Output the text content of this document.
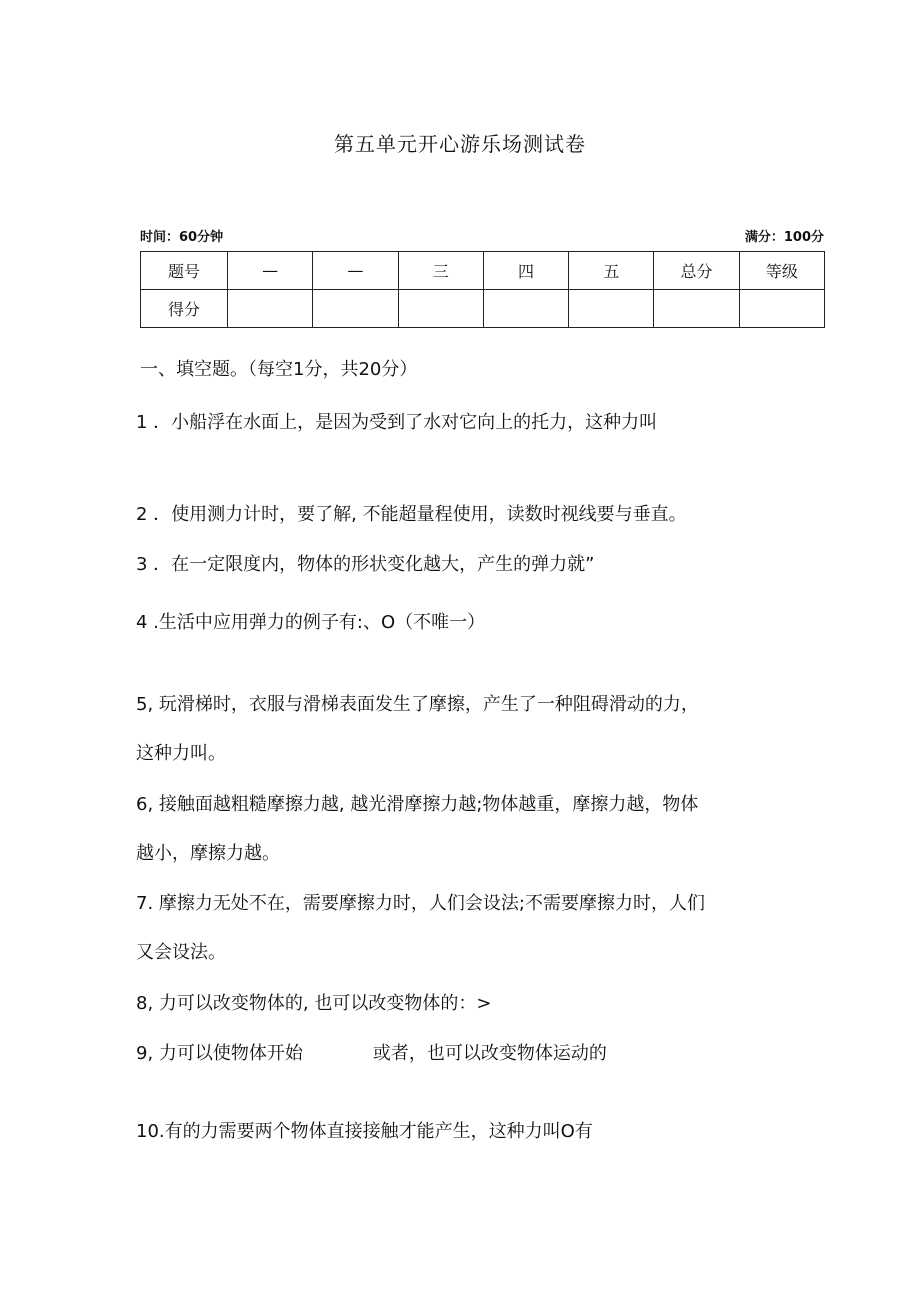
第五单元开心游乐场测试卷
时间：60分钟	满分：100分
题号	—	—	三	四	五	总分	等级
得分							
一、填空题。（每空1分，共20分）

1 ．小船浮在水面上，是因为受到了水对它向上的托力，这种力叫

2 ．使用测力计时，要了解, 不能超量程使用，读数时视线要与垂直。

3 ．在一定限度内，物体的形状变化越大，产生的弹力就”

4 .生活中应用弹力的例子有:、O（不唯一）

5, 玩滑梯时，衣服与滑梯表面发生了摩擦，产生了一种阻碍滑动的力，

这种力叫。

6, 接触面越粗糙摩擦力越, 越光滑摩擦力越;物体越重，摩擦力越，物体

越小，摩擦力越。

7. 摩擦力无处不在，需要摩擦力时，人们会设法;不需要摩擦力时，人们

又会设法。

8, 力可以改变物体的, 也可以改变物体的：>

9, 力可以使物体开始	或者，也可以改变物体运动的

10.有的力需要两个物体直接接触才能产生，这种力叫O有
